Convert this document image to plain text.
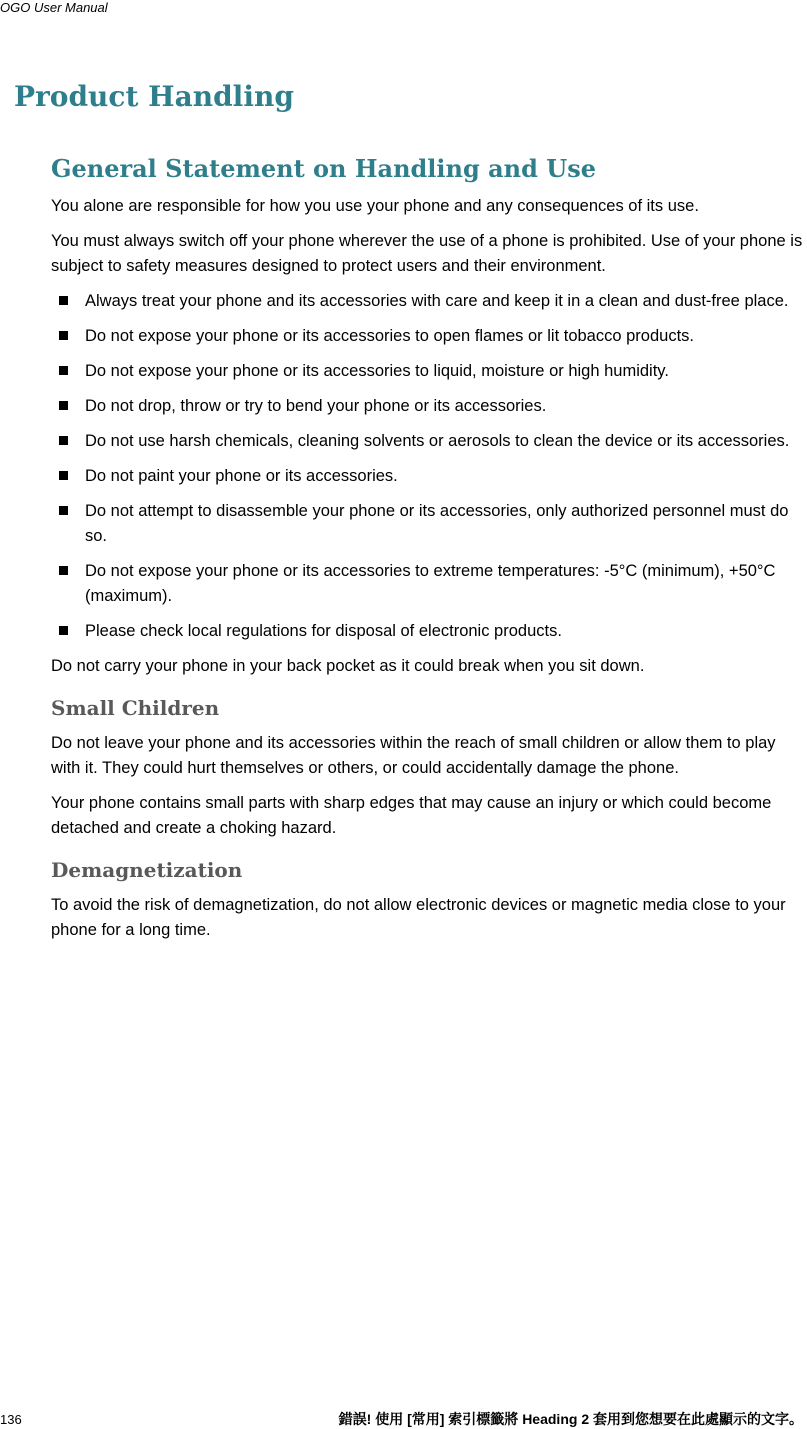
OGO User Manual
Product Handling
General Statement on Handling and Use

You alone are responsible for how you use your phone and any consequences of its use.

You must always switch off your phone wherever the use of a phone is prohibited. Use of your phone is subject to safety measures designed to protect users and their environment.

Always treat your phone and its accessories with care and keep it in a clean and dust-free place.
Do not expose your phone or its accessories to open flames or lit tobacco products.
Do not expose your phone or its accessories to liquid, moisture or high humidity.
Do not drop, throw or try to bend your phone or its accessories.
Do not use harsh chemicals, cleaning solvents or aerosols to clean the device or its accessories.
Do not paint your phone or its accessories.
Do not attempt to disassemble your phone or its accessories, only authorized personnel must do so.
Do not expose your phone or its accessories to extreme temperatures: -5°C (minimum), +50°C (maximum).
Please check local regulations for disposal of electronic products.

Do not carry your phone in your back pocket as it could break when you sit down.

Small Children

Do not leave your phone and its accessories within the reach of small children or allow them to play with it. They could hurt themselves or others, or could accidentally damage the phone.

Your phone contains small parts with sharp edges that may cause an injury or which could become detached and create a choking hazard.

Demagnetization

To avoid the risk of demagnetization, do not allow electronic devices or magnetic media close to your phone for a long time.

136	錯誤! 使用 [常用] 索引標籤將 Heading 2 套用到您想要在此處顯示的文字。
